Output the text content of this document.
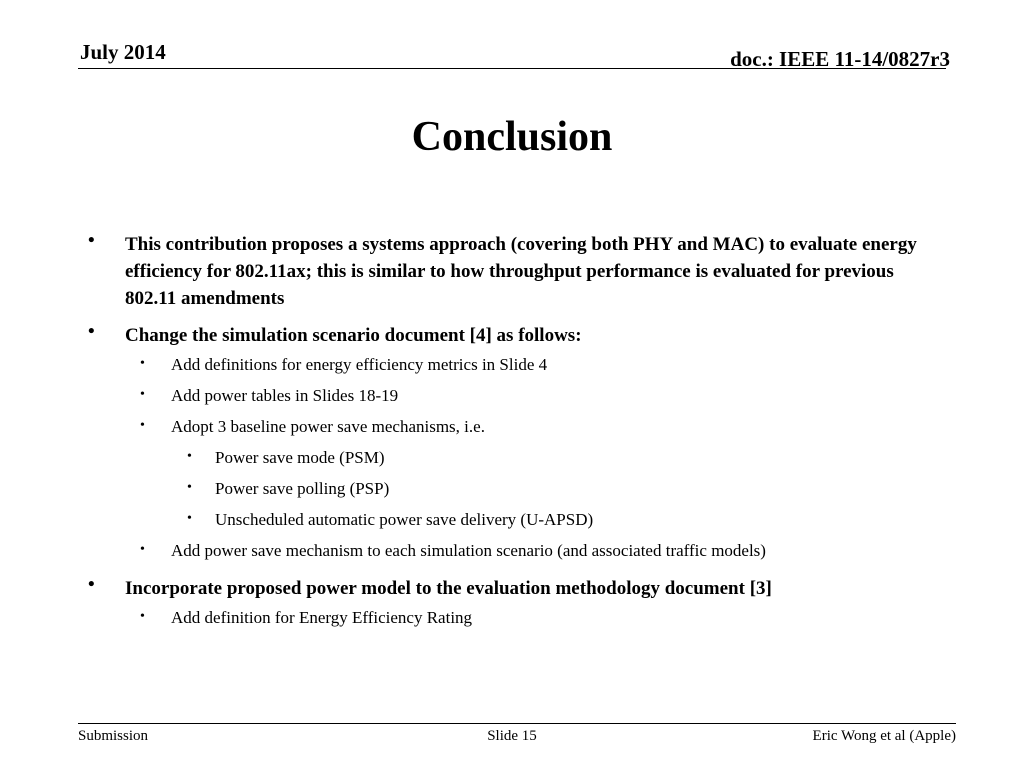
July 2014	doc.: IEEE 11-14/0827r3
Conclusion
• This contribution proposes a systems approach (covering both PHY and MAC) to evaluate energy efficiency for 802.11ax; this is similar to how throughput performance is evaluated for previous 802.11 amendments
• Change the simulation scenario document [4] as follows:
• Add definitions for energy efficiency metrics in Slide 4
• Add power tables in Slides 18-19
• Adopt 3 baseline power save mechanisms, i.e.
• Power save mode (PSM)
• Power save polling (PSP)
• Unscheduled automatic power save delivery (U-APSD)
• Add power save mechanism to each simulation scenario (and associated traffic models)
• Incorporate proposed power model to the evaluation methodology document [3]
• Add definition for Energy Efficiency Rating
Submission	Slide 15	Eric Wong et al (Apple)
